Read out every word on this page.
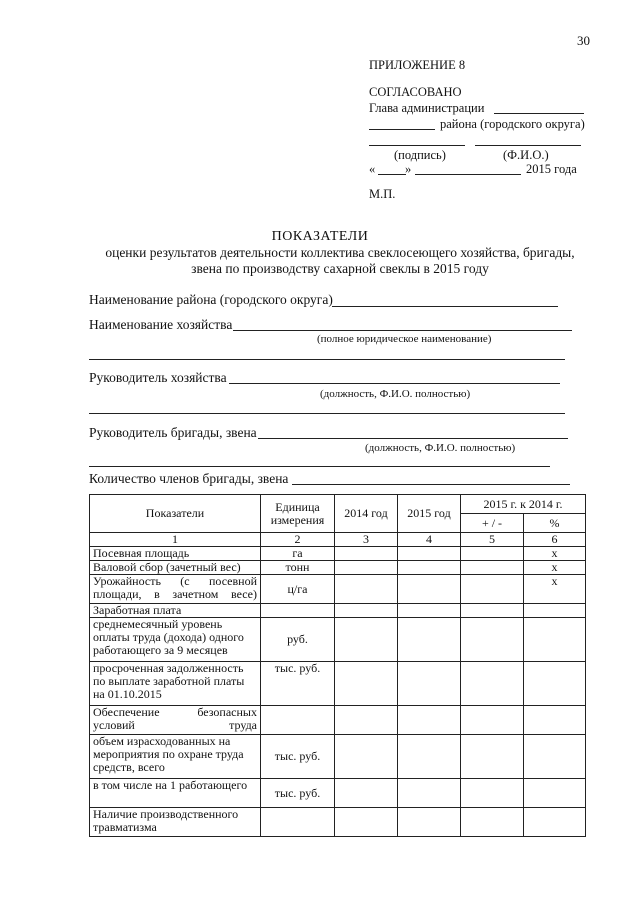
30
ПРИЛОЖЕНИЕ 8
СОГЛАСОВАНО
Глава администрации
района (городского округа)
(подпись)	(Ф.И.О.)
« »	2015 года
М.П.
ПОКАЗАТЕЛИ
оценки результатов деятельности коллектива свеклосеющего хозяйства, бригады,
звена по производству сахарной свеклы в 2015 году
Наименование района (городского округа)
Наименование хозяйства
(полное юридическое наименование)
Руководитель хозяйства
(должность, Ф.И.О. полностью)
Руководитель бригады, звена
(должность, Ф.И.О. полностью)
Количество членов бригады, звена
Показатели	Единица измерения	2014 год	2015 год	2015 г. к 2014 г.	
				+ / -	%
1	2	3	4	5	6
Посевная площадь	га				х
Валовой сбор (зачетный вес)	тонн				х
Урожайность (с посевной площади, в зачетном весе)	ц/га				х
Заработная плата					
среднемесячный уровень оплаты труда (дохода) одного работающего за 9 месяцев	руб.				
просроченная задолженность по выплате заработной платы на 01.10.2015	тыс. руб.				
Обеспечение безопасных условий труда					
объем израсходованных на мероприятия по охране труда средств, всего	тыс. руб.				
в том числе на 1 работающего	тыс. руб.				
Наличие производственного травматизма					
